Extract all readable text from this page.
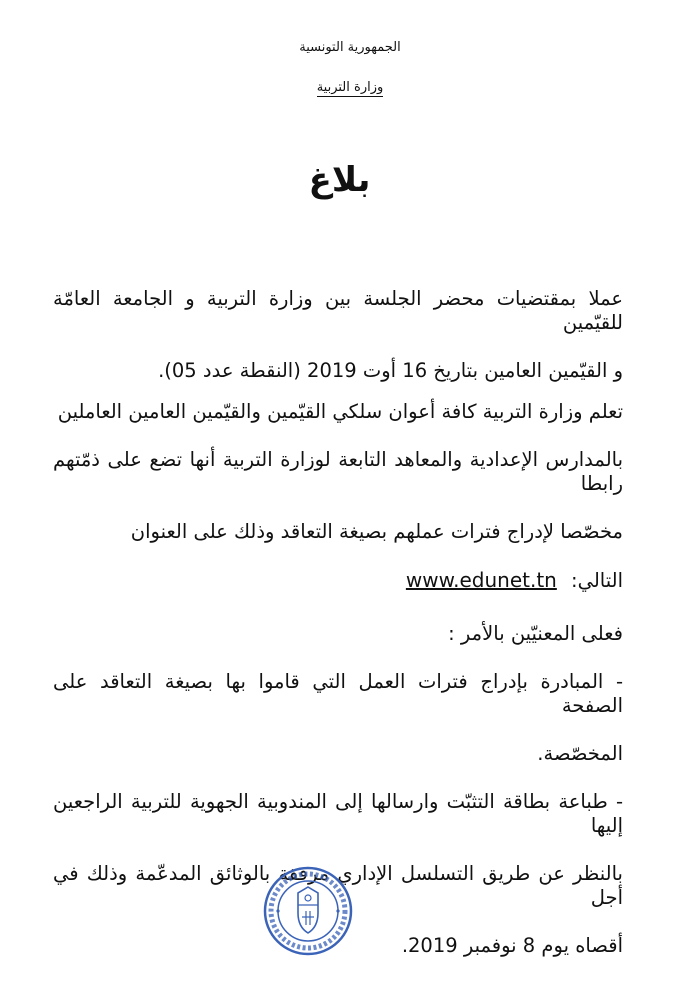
الجمهورية التونسية
وزارة التربية
بلاغ
عملا بمقتضيات محضر الجلسة بين وزارة التربية و الجامعة العامّة للقيّمين
و القيّمين العامين بتاريخ 16 أوت 2019 (النقطة عدد 05).
تعلم وزارة التربية كافة أعوان سلكي القيّمين والقيّمين العامين العاملين
بالمدارس الإعدادية والمعاهد التابعة لوزارة التربية أنها تضع على ذمّتهم رابطا
مخصّصا لإدراج فترات عملهم بصيغة التعاقد وذلك على العنوان
التالي: www.edunet.tn
فعلى المعنيّين بالأمر :
- المبادرة بإدراج فترات العمل التي قاموا بها بصيغة التعاقد على الصفحة
المخصّصة.
- طباعة بطاقة التثبّت وارسالها إلى المندوبية الجهوية للتربية الراجعين إليها
بالنظر عن طريق التسلسل الإداري مرفقة بالوثائق المدعّمة وذلك في أجل
أقصاه يوم 8 نوفمبر 2019.
